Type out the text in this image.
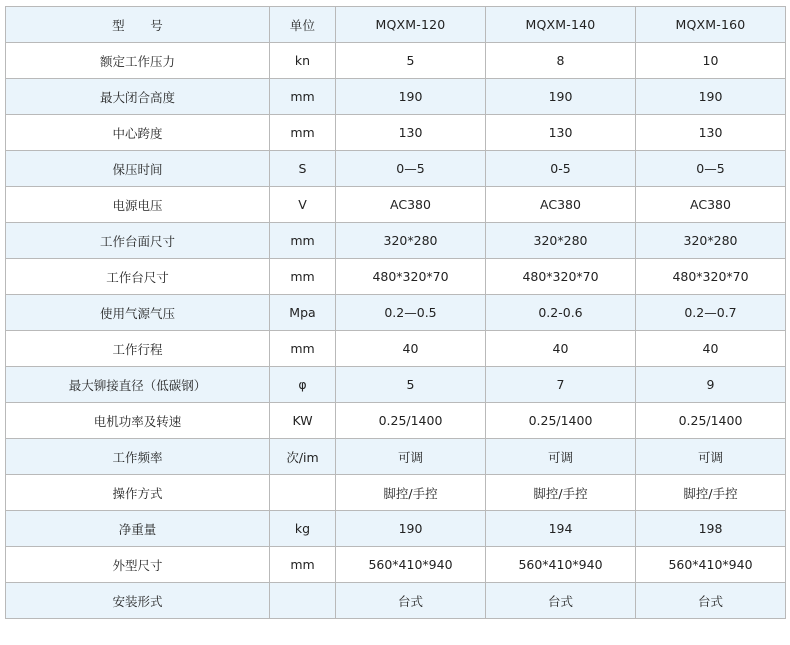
型　　号	单位	MQXM-120	MQXM-140	MQXM-160
额定工作压力	kn	5	8	10
最大闭合高度	mm	190	190	190
中心跨度	mm	130	130	130
保压时间	S	0—5	0-5	0—5
电源电压	V	AC380	AC380	AC380
工作台面尺寸	mm	320*280	320*280	320*280
工作台尺寸	mm	480*320*70	480*320*70	480*320*70
使用气源气压	Mpa	0.2—0.5	0.2-0.6	0.2—0.7
工作行程	mm	40	40	40
最大铆接直径（低碳钢）	φ	5	7	9
电机功率及转速	KW	0.25/1400	0.25/1400	0.25/1400
工作频率	次/im	可调	可调	可调
操作方式		脚控/手控	脚控/手控	脚控/手控
净重量	kg	190	194	198
外型尺寸	mm	560*410*940	560*410*940	560*410*940
安装形式		台式	台式	台式
